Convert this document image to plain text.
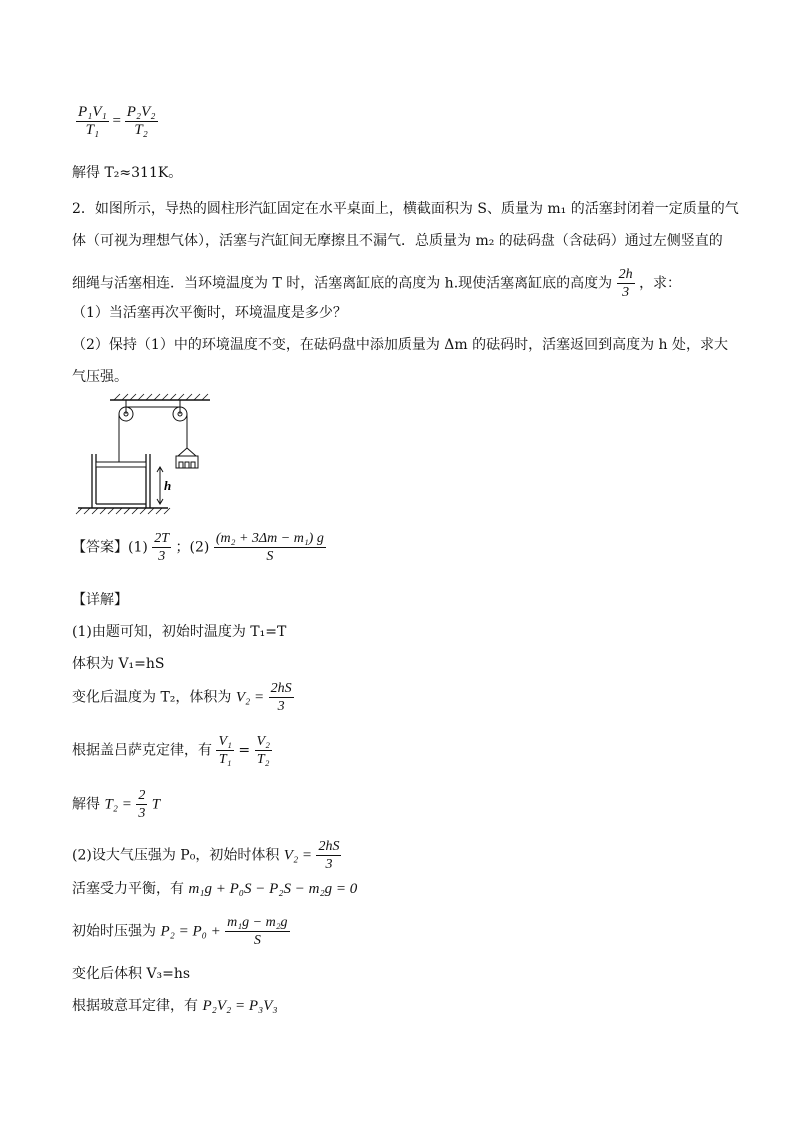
$\frac{\text{P₁V₁}}{\text{T₁}} = \frac{\text{P₂V₂}}{\text{T₂}}$
解得 T₂≈311K。
2．如图所示，导热的圆柱形汽缸固定在水平桌面上，横截面积为 S、质量为 m₁ 的活塞封闭着一定质量的气
体（可视为理想气体），活塞与汽缸间无摩擦且不漏气．总质量为 m₂ 的砝码盘（含砝码）通过左侧竖直的
细绳与活塞相连．当环境温度为 T 时，活塞离缸底的高度为 h.现使活塞离缸底的高度为 $\frac{2h}{3}$ ，求：
（1）当活塞再次平衡时，环境温度是多少？
（2）保持（1）中的环境温度不变，在砝码盘中添加质量为 Δm 的砝码时，活塞返回到高度为 h 处，求大
气压强。
h
【答案】$(1) \frac{2T}{3}$ ；$(2) \frac{\text{(m₂ + 3Δm − m₁) g}}{S}$
【详解】
(1)由题可知，初始时温度为 T₁=T
体积为 V₁=hS
变化后温度为 T₂，体积为 $V_2 = \frac{2hS}{3}$
根据盖吕萨克定律，有 $\frac{\text{V₁}}{\text{T₁}} = \frac{\text{V₂}}{\text{T₂}}$
解得 $T_2 = \frac{2}{3}$ T
(2)设大气压强为 P₀，初始时体积 $V_2 = \frac{2hS}{3}$
活塞受力平衡，有 m₁g + P₀S − P₂S − m₂g = 0
初始时压强为 $P_2 = P_0 + \frac{\text{m₁g − m₂g}}{S}$
变化后体积 V₃=hs
根据玻意耳定律，有 P₂V₂ = P₃V₃
